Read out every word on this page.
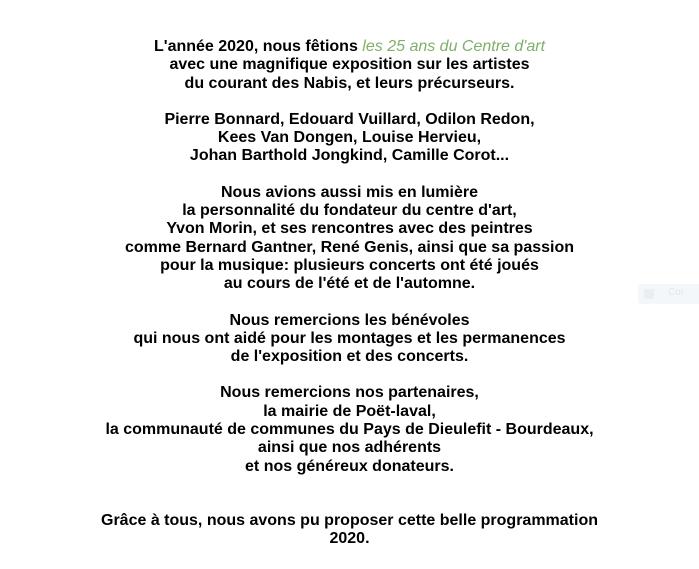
L'année 2020, nous fêtions les 25 ans du Centre d'art
avec une magnifique exposition sur les artistes
du courant des Nabis, et leurs précurseurs.

Pierre Bonnard, Edouard Vuillard, Odilon Redon,
Kees Van Dongen, Louise Hervieu,
Johan Barthold Jongkind, Camille Corot...

Nous avions aussi mis en lumière
la personnalité du fondateur du centre d'art,
Yvon Morin, et ses rencontres avec des peintres
comme Bernard Gantner, René Genis, ainsi que sa passion
pour la musique: plusieurs concerts ont été joués
au cours de l'été et de l'automne.

Nous remercions les bénévoles
qui nous ont aidé pour les montages et les permanences
de l'exposition et des concerts.

Nous remercions nos partenaires,
la mairie de Poët-laval,
la communauté de communes du Pays de Dieulefit - Bourdeaux,
ainsi que nos adhérents
et nos généreux donateurs.

Grâce à tous, nous avons pu proposer cette belle programmation
2020.

Cor
